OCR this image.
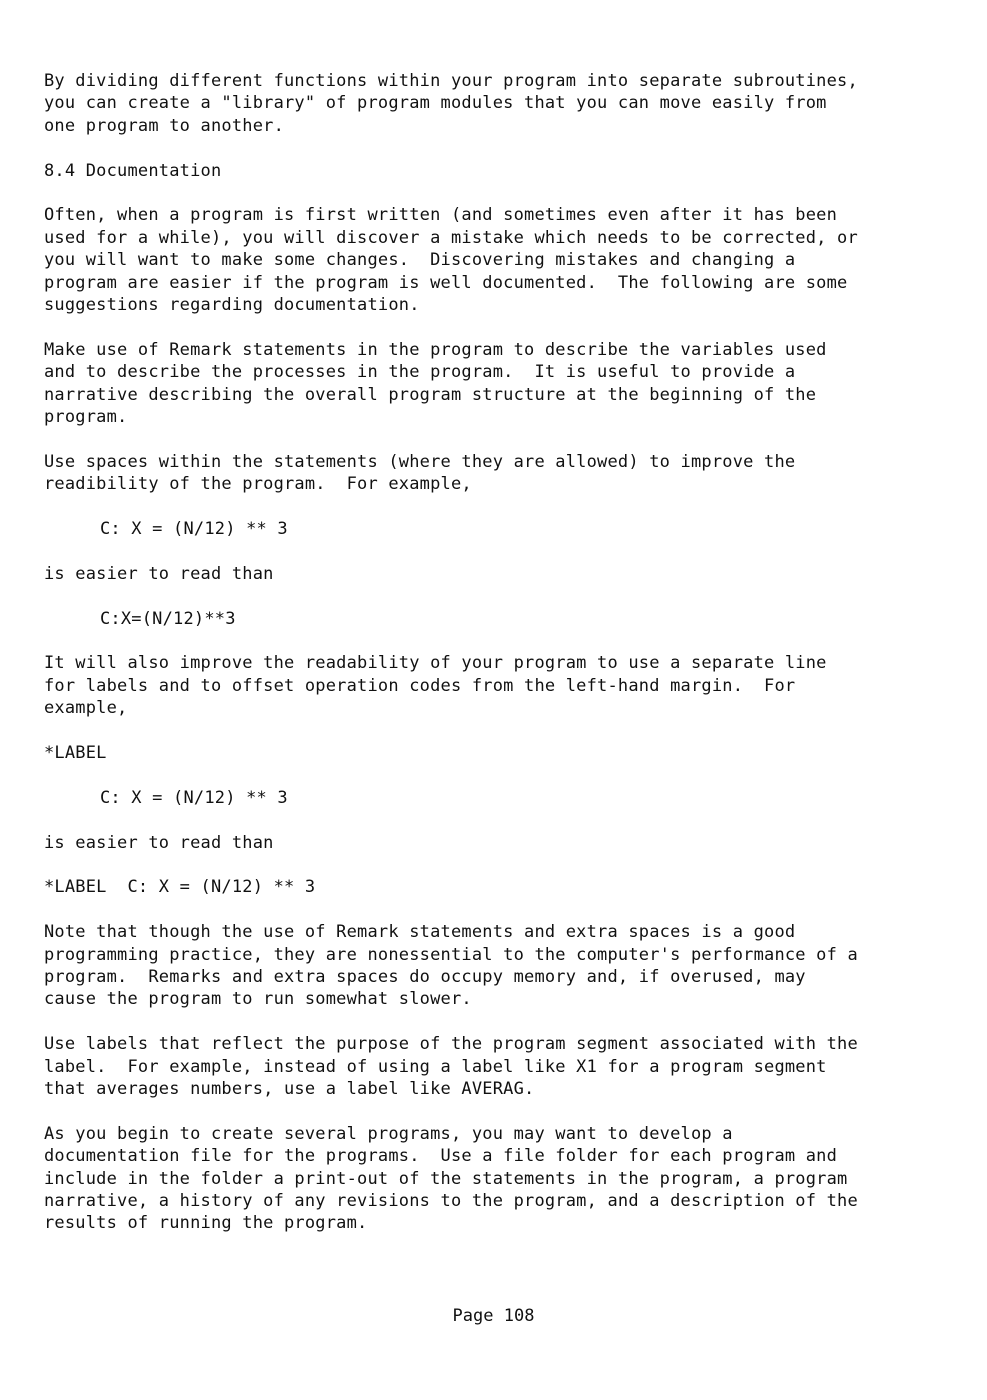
By dividing different functions within your program into separate subroutines,
you can create a "library" of program modules that you can move easily from
one program to another.
8.4 Documentation
Often, when a program is first written (and sometimes even after it has been
used for a while), you will discover a mistake which needs to be corrected, or
you will want to make some changes.  Discovering mistakes and changing a
program are easier if the program is well documented.  The following are some
suggestions regarding documentation.
Make use of Remark statements in the program to describe the variables used
and to describe the processes in the program.  It is useful to provide a
narrative describing the overall program structure at the beginning of the
program.
Use spaces within the statements (where they are allowed) to improve the
readibility of the program.  For example,
C: X = (N/12) ** 3
is easier to read than
C:X=(N/12)**3
It will also improve the readability of your program to use a separate line
for labels and to offset operation codes from the left-hand margin.  For
example,
*LABEL
C: X = (N/12) ** 3
is easier to read than
*LABEL  C: X = (N/12) ** 3
Note that though the use of Remark statements and extra spaces is a good
programming practice, they are nonessential to the computer's performance of a
program.  Remarks and extra spaces do occupy memory and, if overused, may
cause the program to run somewhat slower.
Use labels that reflect the purpose of the program segment associated with the
label.  For example, instead of using a label like X1 for a program segment
that averages numbers, use a label like AVERAG.
As you begin to create several programs, you may want to develop a
documentation file for the programs.  Use a file folder for each program and
include in the folder a print-out of the statements in the program, a program
narrative, a history of any revisions to the program, and a description of the
results of running the program.
Page 108
